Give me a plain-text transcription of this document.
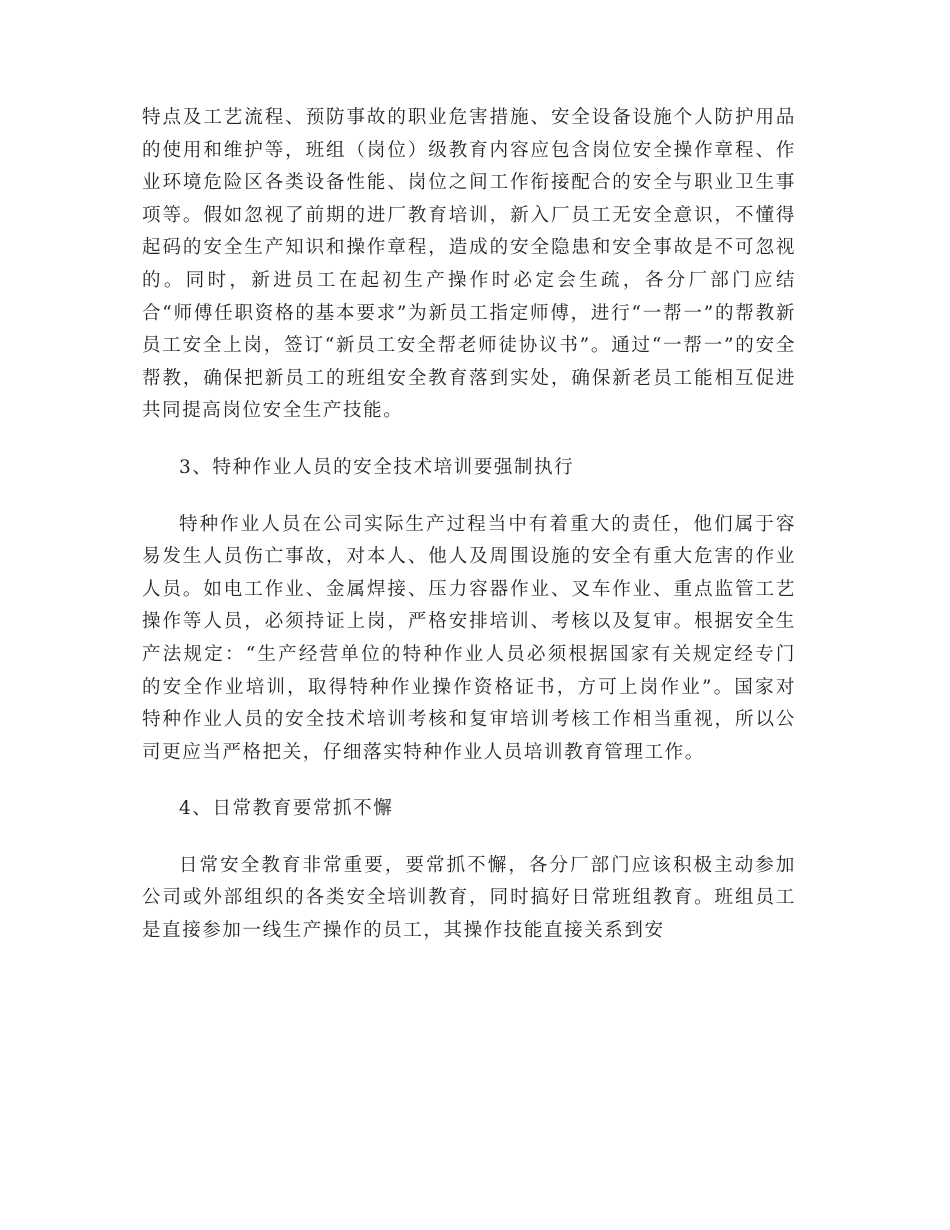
特点及工艺流程、预防事故的职业危害措施、安全设备设施个人防护用品的使用和维护等，班组（岗位）级教育内容应包含岗位安全操作章程、作业环境危险区各类设备性能、岗位之间工作衔接配合的安全与职业卫生事项等。假如忽视了前期的进厂教育培训，新入厂员工无安全意识，不懂得起码的安全生产知识和操作章程，造成的安全隐患和安全事故是不可忽视的。同时，新进员工在起初生产操作时必定会生疏，各分厂部门应结合“师傅任职资格的基本要求”为新员工指定师傅，进行“一帮一”的帮教新员工安全上岗，签订“新员工安全帮老师徒协议书”。通过“一帮一”的安全帮教，确保把新员工的班组安全教育落到实处，确保新老员工能相互促进共同提高岗位安全生产技能。

3、特种作业人员的安全技术培训要强制执行

特种作业人员在公司实际生产过程当中有着重大的责任，他们属于容易发生人员伤亡事故，对本人、他人及周围设施的安全有重大危害的作业人员。如电工作业、金属焊接、压力容器作业、叉车作业、重点监管工艺操作等人员，必须持证上岗，严格安排培训、考核以及复审。根据安全生产法规定：“生产经营单位的特种作业人员必须根据国家有关规定经专门的安全作业培训，取得特种作业操作资格证书，方可上岗作业”。国家对特种作业人员的安全技术培训考核和复审培训考核工作相当重视，所以公司更应当严格把关，仔细落实特种作业人员培训教育管理工作。

4、日常教育要常抓不懈

日常安全教育非常重要，要常抓不懈，各分厂部门应该积极主动参加公司或外部组织的各类安全培训教育，同时搞好日常班组教育。班组员工是直接参加一线生产操作的员工，其操作技能直接关系到安
